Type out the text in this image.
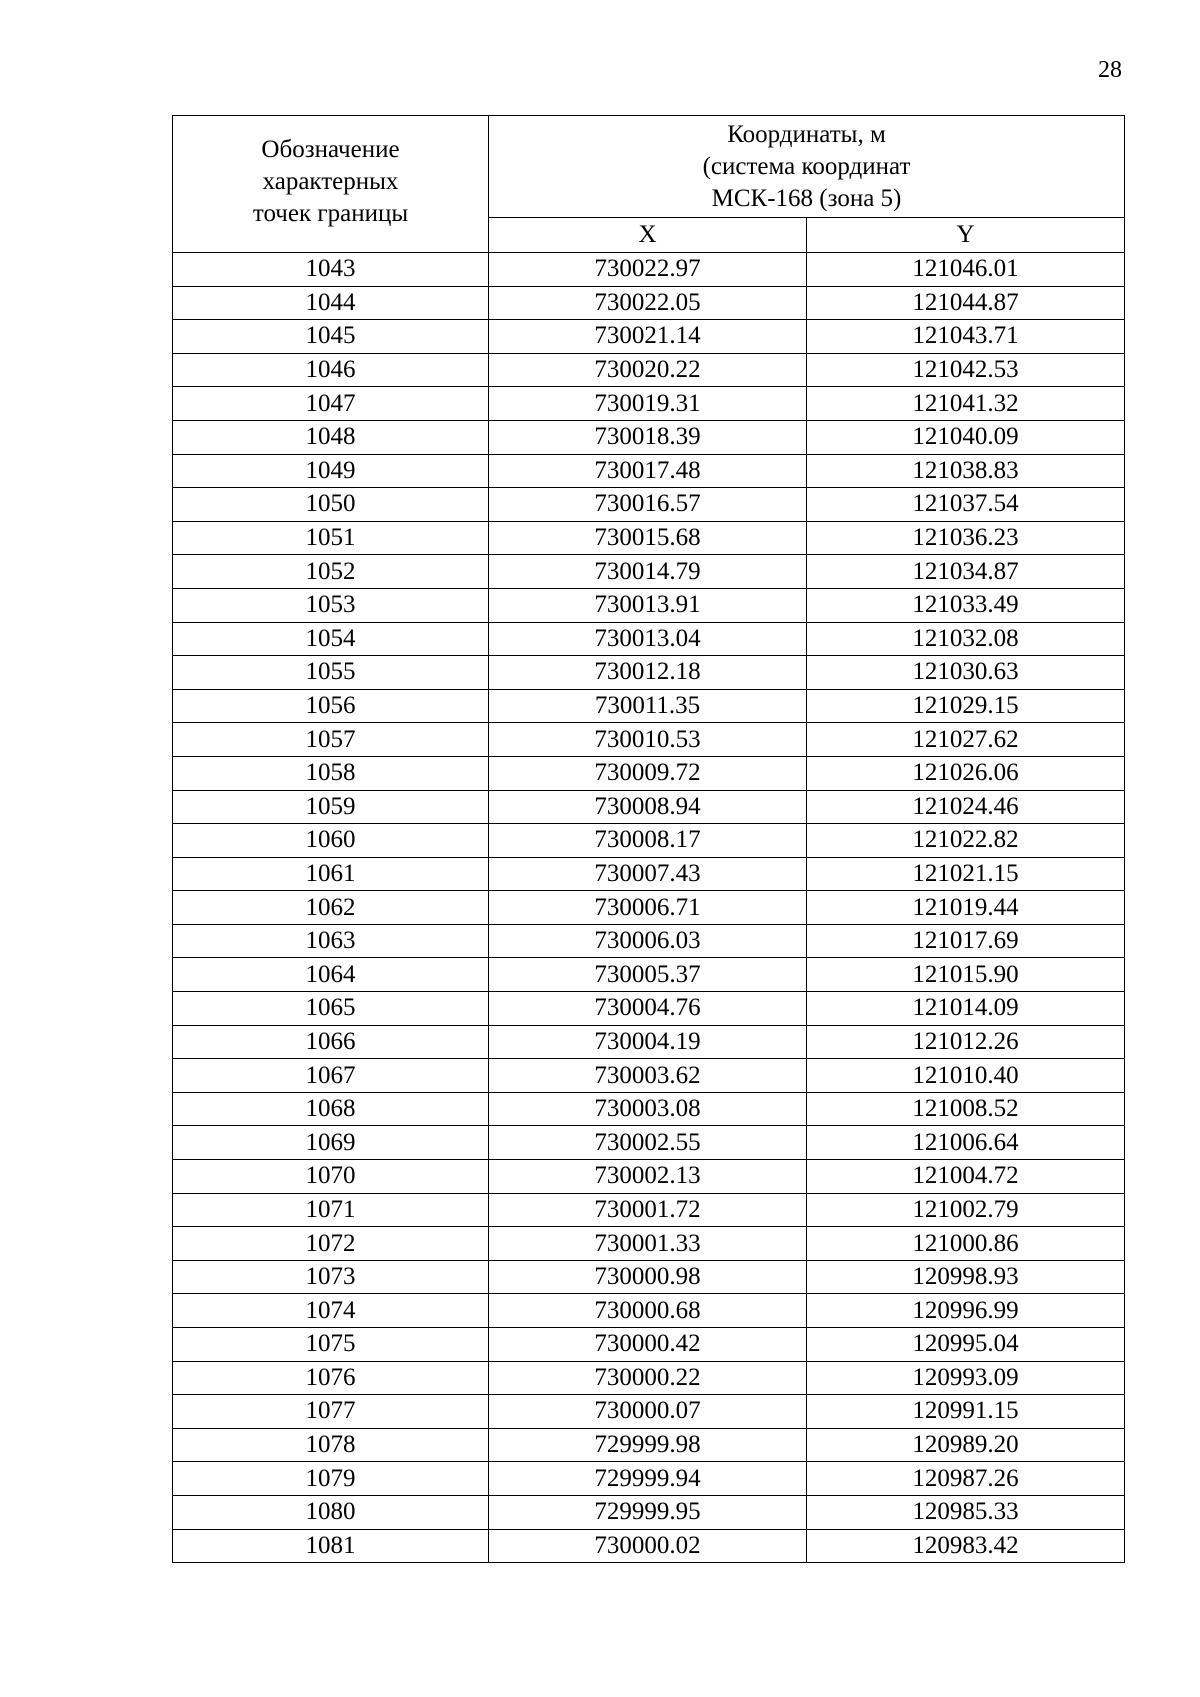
28
Обозначение
характерных
точек границы	Координаты, м
(система координат
МСК-168 (зона 5)	

	X	Y
1043	730022.97	121046.01
1044	730022.05	121044.87
1045	730021.14	121043.71
1046	730020.22	121042.53
1047	730019.31	121041.32
1048	730018.39	121040.09
1049	730017.48	121038.83
1050	730016.57	121037.54
1051	730015.68	121036.23
1052	730014.79	121034.87
1053	730013.91	121033.49
1054	730013.04	121032.08
1055	730012.18	121030.63
1056	730011.35	121029.15
1057	730010.53	121027.62
1058	730009.72	121026.06
1059	730008.94	121024.46
1060	730008.17	121022.82
1061	730007.43	121021.15
1062	730006.71	121019.44
1063	730006.03	121017.69
1064	730005.37	121015.90
1065	730004.76	121014.09
1066	730004.19	121012.26
1067	730003.62	121010.40
1068	730003.08	121008.52
1069	730002.55	121006.64
1070	730002.13	121004.72
1071	730001.72	121002.79
1072	730001.33	121000.86
1073	730000.98	120998.93
1074	730000.68	120996.99
1075	730000.42	120995.04
1076	730000.22	120993.09
1077	730000.07	120991.15
1078	729999.98	120989.20
1079	729999.94	120987.26
1080	729999.95	120985.33
1081	730000.02	120983.42
